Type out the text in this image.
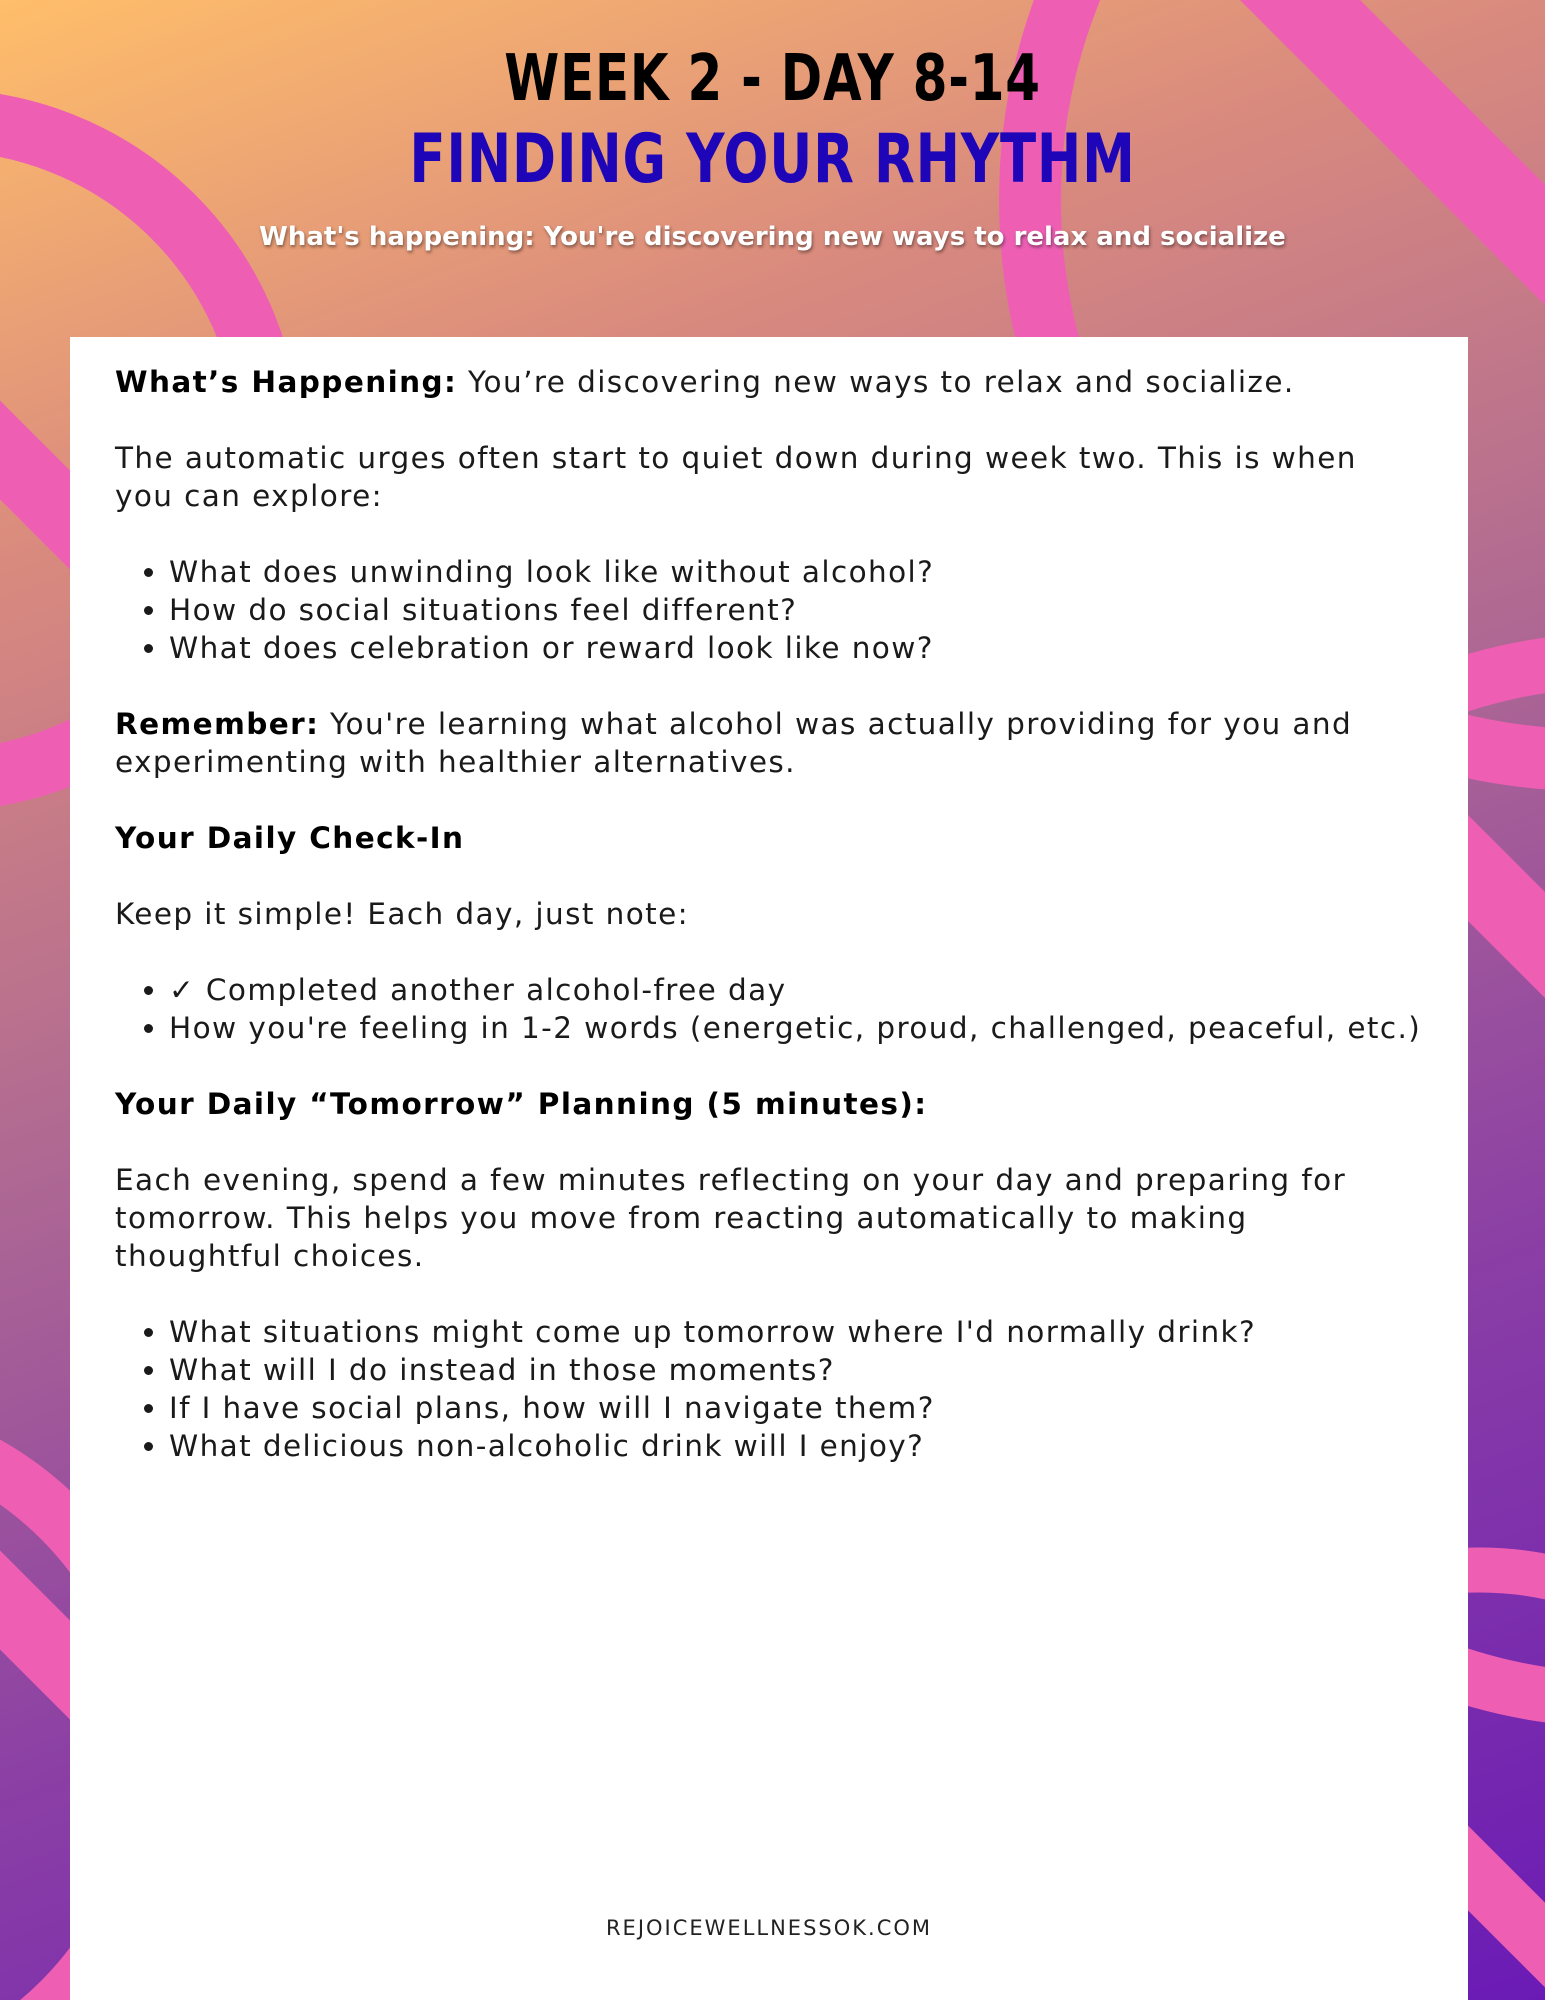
WEEK 2 - DAY 8-14
FINDING YOUR RHYTHM
What's happening: You're discovering new ways to relax and socialize

What’s Happening: You’re discovering new ways to relax and socialize.

The automatic urges often start to quiet down during week two. This is when you can explore:

• What does unwinding look like without alcohol?
• How do social situations feel different?
• What does celebration or reward look like now?

Remember: You're learning what alcohol was actually providing for you and experimenting with healthier alternatives.

Your Daily Check-In

Keep it simple! Each day, just note:

• ✓ Completed another alcohol-free day
• How you're feeling in 1-2 words (energetic, proud, challenged, peaceful, etc.)

Your Daily “Tomorrow” Planning (5 minutes):

Each evening, spend a few minutes reflecting on your day and preparing for tomorrow. This helps you move from reacting automatically to making thoughtful choices.

• What situations might come up tomorrow where I'd normally drink?
• What will I do instead in those moments?
• If I have social plans, how will I navigate them?
• What delicious non-alcoholic drink will I enjoy?
REJOICEWELLNESSOK.COM
